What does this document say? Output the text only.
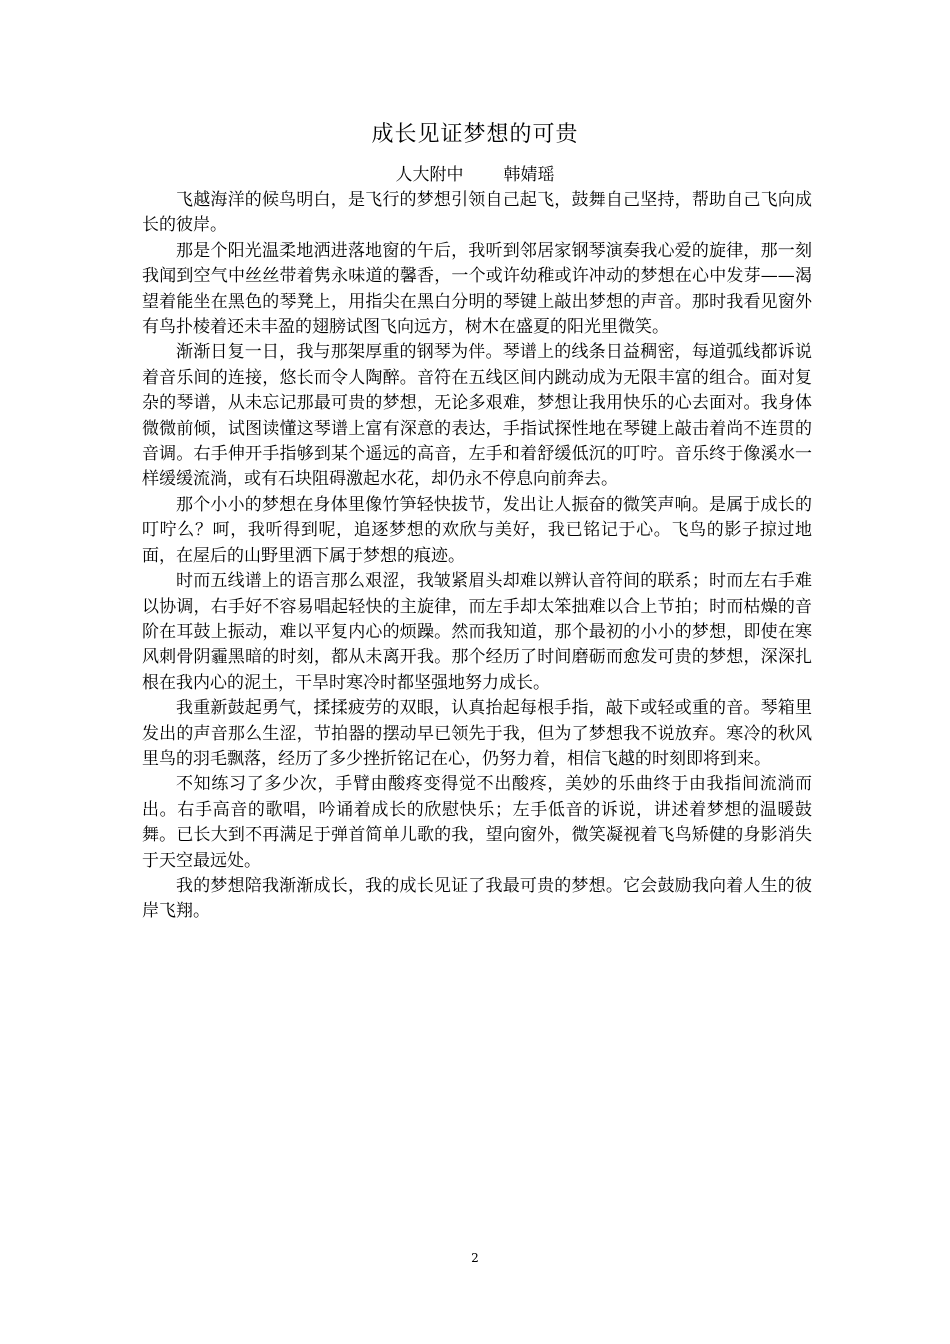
成长见证梦想的可贵
人大附中 韩婧瑶

飞越海洋的候鸟明白，是飞行的梦想引领自己起飞，鼓舞自己坚持，帮助自己飞向成长的彼岸。

那是个阳光温柔地洒进落地窗的午后，我听到邻居家钢琴演奏我心爱的旋律，那一刻我闻到空气中丝丝带着隽永味道的馨香，一个或许幼稚或许冲动的梦想在心中发芽——渴望着能坐在黑色的琴凳上，用指尖在黑白分明的琴键上敲出梦想的声音。那时我看见窗外有鸟扑棱着还未丰盈的翅膀试图飞向远方，树木在盛夏的阳光里微笑。

渐渐日复一日，我与那架厚重的钢琴为伴。琴谱上的线条日益稠密，每道弧线都诉说着音乐间的连接，悠长而令人陶醉。音符在五线区间内跳动成为无限丰富的组合。面对复杂的琴谱，从未忘记那最可贵的梦想，无论多艰难，梦想让我用快乐的心去面对。我身体微微前倾，试图读懂这琴谱上富有深意的表达，手指试探性地在琴键上敲击着尚不连贯的音调。右手伸开手指够到某个遥远的高音，左手和着舒缓低沉的叮咛。音乐终于像溪水一样缓缓流淌，或有石块阻碍激起水花，却仍永不停息向前奔去。

那个小小的梦想在身体里像竹笋轻快拔节，发出让人振奋的微笑声响。是属于成长的叮咛么？呵，我听得到呢，追逐梦想的欢欣与美好，我已铭记于心。飞鸟的影子掠过地面，在屋后的山野里洒下属于梦想的痕迹。

时而五线谱上的语言那么艰涩，我皱紧眉头却难以辨认音符间的联系；时而左右手难以协调，右手好不容易唱起轻快的主旋律，而左手却太笨拙难以合上节拍；时而枯燥的音阶在耳鼓上振动，难以平复内心的烦躁。然而我知道，那个最初的小小的梦想，即使在寒风刺骨阴霾黑暗的时刻，都从未离开我。那个经历了时间磨砺而愈发可贵的梦想，深深扎根在我内心的泥土，干旱时寒冷时都坚强地努力成长。

我重新鼓起勇气，揉揉疲劳的双眼，认真抬起每根手指，敲下或轻或重的音。琴箱里发出的声音那么生涩，节拍器的摆动早已领先于我，但为了梦想我不说放弃。寒冷的秋风里鸟的羽毛飘落，经历了多少挫折铭记在心，仍努力着，相信飞越的时刻即将到来。

不知练习了多少次，手臂由酸疼变得觉不出酸疼，美妙的乐曲终于由我指间流淌而出。右手高音的歌唱，吟诵着成长的欣慰快乐；左手低音的诉说，讲述着梦想的温暖鼓舞。已长大到不再满足于弹首简单儿歌的我，望向窗外，微笑凝视着飞鸟矫健的身影消失于天空最远处。

我的梦想陪我渐渐成长，我的成长见证了我最可贵的梦想。它会鼓励我向着人生的彼岸飞翔。

2
